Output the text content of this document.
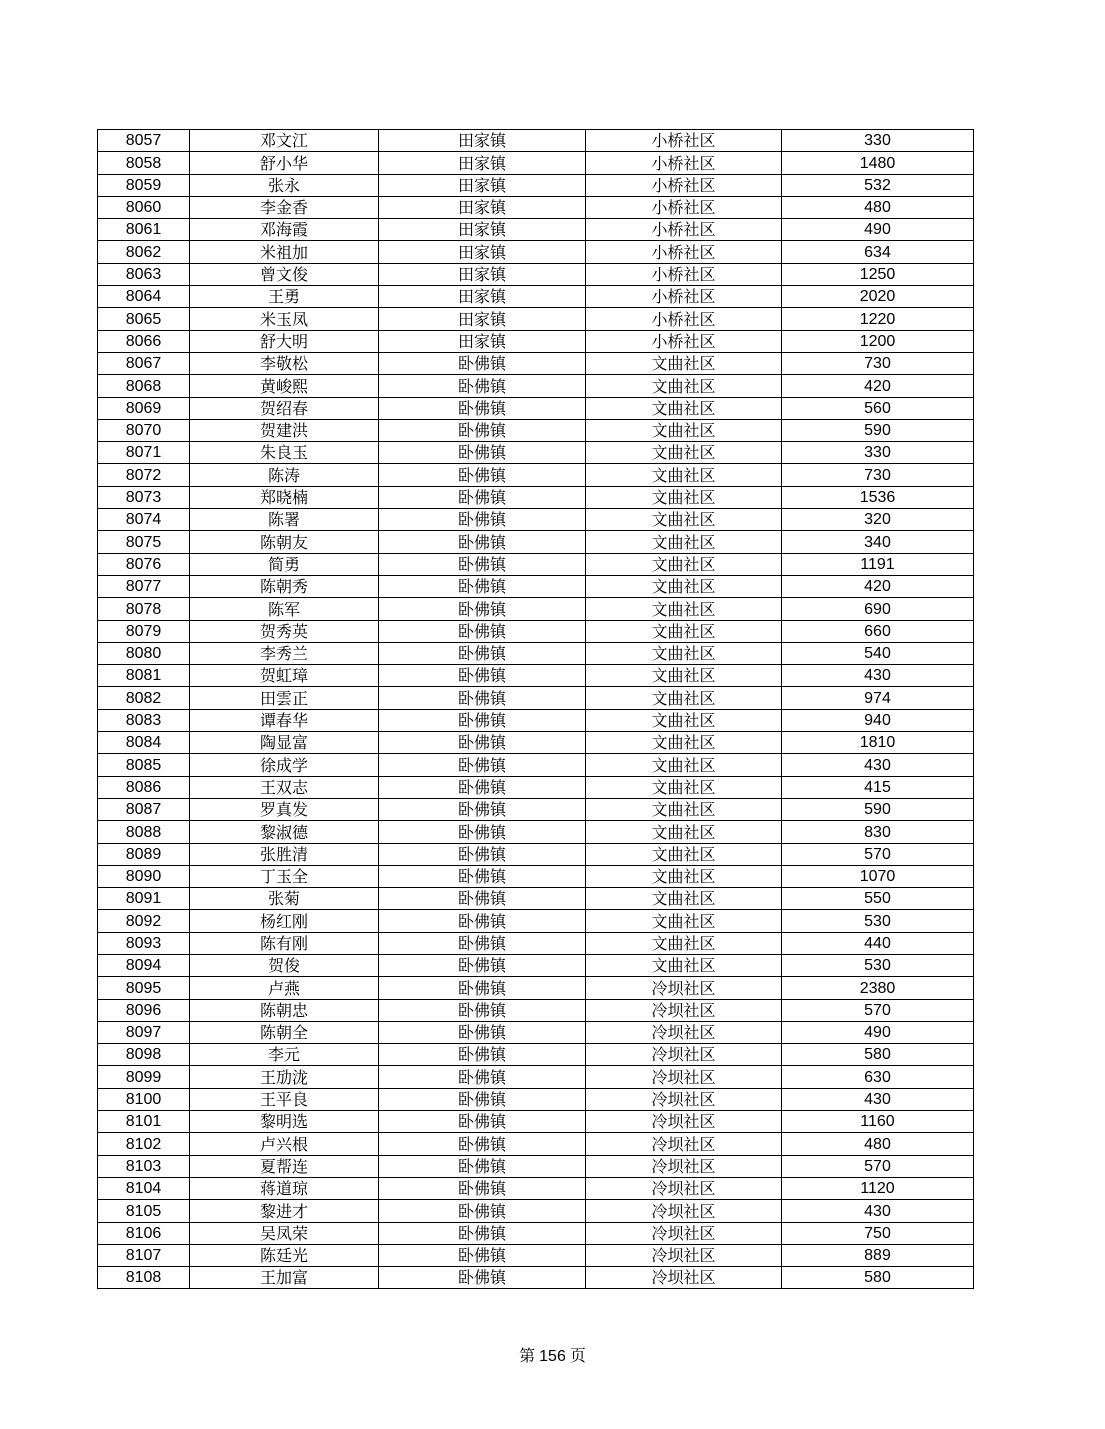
8057	邓文江	田家镇	小桥社区	330
8058	舒小华	田家镇	小桥社区	1480
8059	张永	田家镇	小桥社区	532
8060	李金香	田家镇	小桥社区	480
8061	邓海霞	田家镇	小桥社区	490
8062	米祖加	田家镇	小桥社区	634
8063	曾文俊	田家镇	小桥社区	1250
8064	王勇	田家镇	小桥社区	2020
8065	米玉凤	田家镇	小桥社区	1220
8066	舒大明	田家镇	小桥社区	1200
8067	李敬松	卧佛镇	文曲社区	730
8068	黄峻熙	卧佛镇	文曲社区	420
8069	贺绍春	卧佛镇	文曲社区	560
8070	贺建洪	卧佛镇	文曲社区	590
8071	朱良玉	卧佛镇	文曲社区	330
8072	陈涛	卧佛镇	文曲社区	730
8073	郑晓楠	卧佛镇	文曲社区	1536
8074	陈署	卧佛镇	文曲社区	320
8075	陈朝友	卧佛镇	文曲社区	340
8076	简勇	卧佛镇	文曲社区	1191
8077	陈朝秀	卧佛镇	文曲社区	420
8078	陈军	卧佛镇	文曲社区	690
8079	贺秀英	卧佛镇	文曲社区	660
8080	李秀兰	卧佛镇	文曲社区	540
8081	贺虹璋	卧佛镇	文曲社区	430
8082	田雲正	卧佛镇	文曲社区	974
8083	谭春华	卧佛镇	文曲社区	940
8084	陶显富	卧佛镇	文曲社区	1810
8085	徐成学	卧佛镇	文曲社区	430
8086	王双志	卧佛镇	文曲社区	415
8087	罗真发	卧佛镇	文曲社区	590
8088	黎淑德	卧佛镇	文曲社区	830
8089	张胜清	卧佛镇	文曲社区	570
8090	丁玉全	卧佛镇	文曲社区	1070
8091	张菊	卧佛镇	文曲社区	550
8092	杨红刚	卧佛镇	文曲社区	530
8093	陈有刚	卧佛镇	文曲社区	440
8094	贺俊	卧佛镇	文曲社区	530
8095	卢燕	卧佛镇	冷坝社区	2380
8096	陈朝忠	卧佛镇	冷坝社区	570
8097	陈朝全	卧佛镇	冷坝社区	490
8098	李元	卧佛镇	冷坝社区	580
8099	王劢泷	卧佛镇	冷坝社区	630
8100	王平良	卧佛镇	冷坝社区	430
8101	黎明选	卧佛镇	冷坝社区	1160
8102	卢兴根	卧佛镇	冷坝社区	480
8103	夏帮连	卧佛镇	冷坝社区	570
8104	蒋道琼	卧佛镇	冷坝社区	1120
8105	黎进才	卧佛镇	冷坝社区	430
8106	吴凤荣	卧佛镇	冷坝社区	750
8107	陈廷光	卧佛镇	冷坝社区	889
8108	王加富	卧佛镇	冷坝社区	580
第 156 页
